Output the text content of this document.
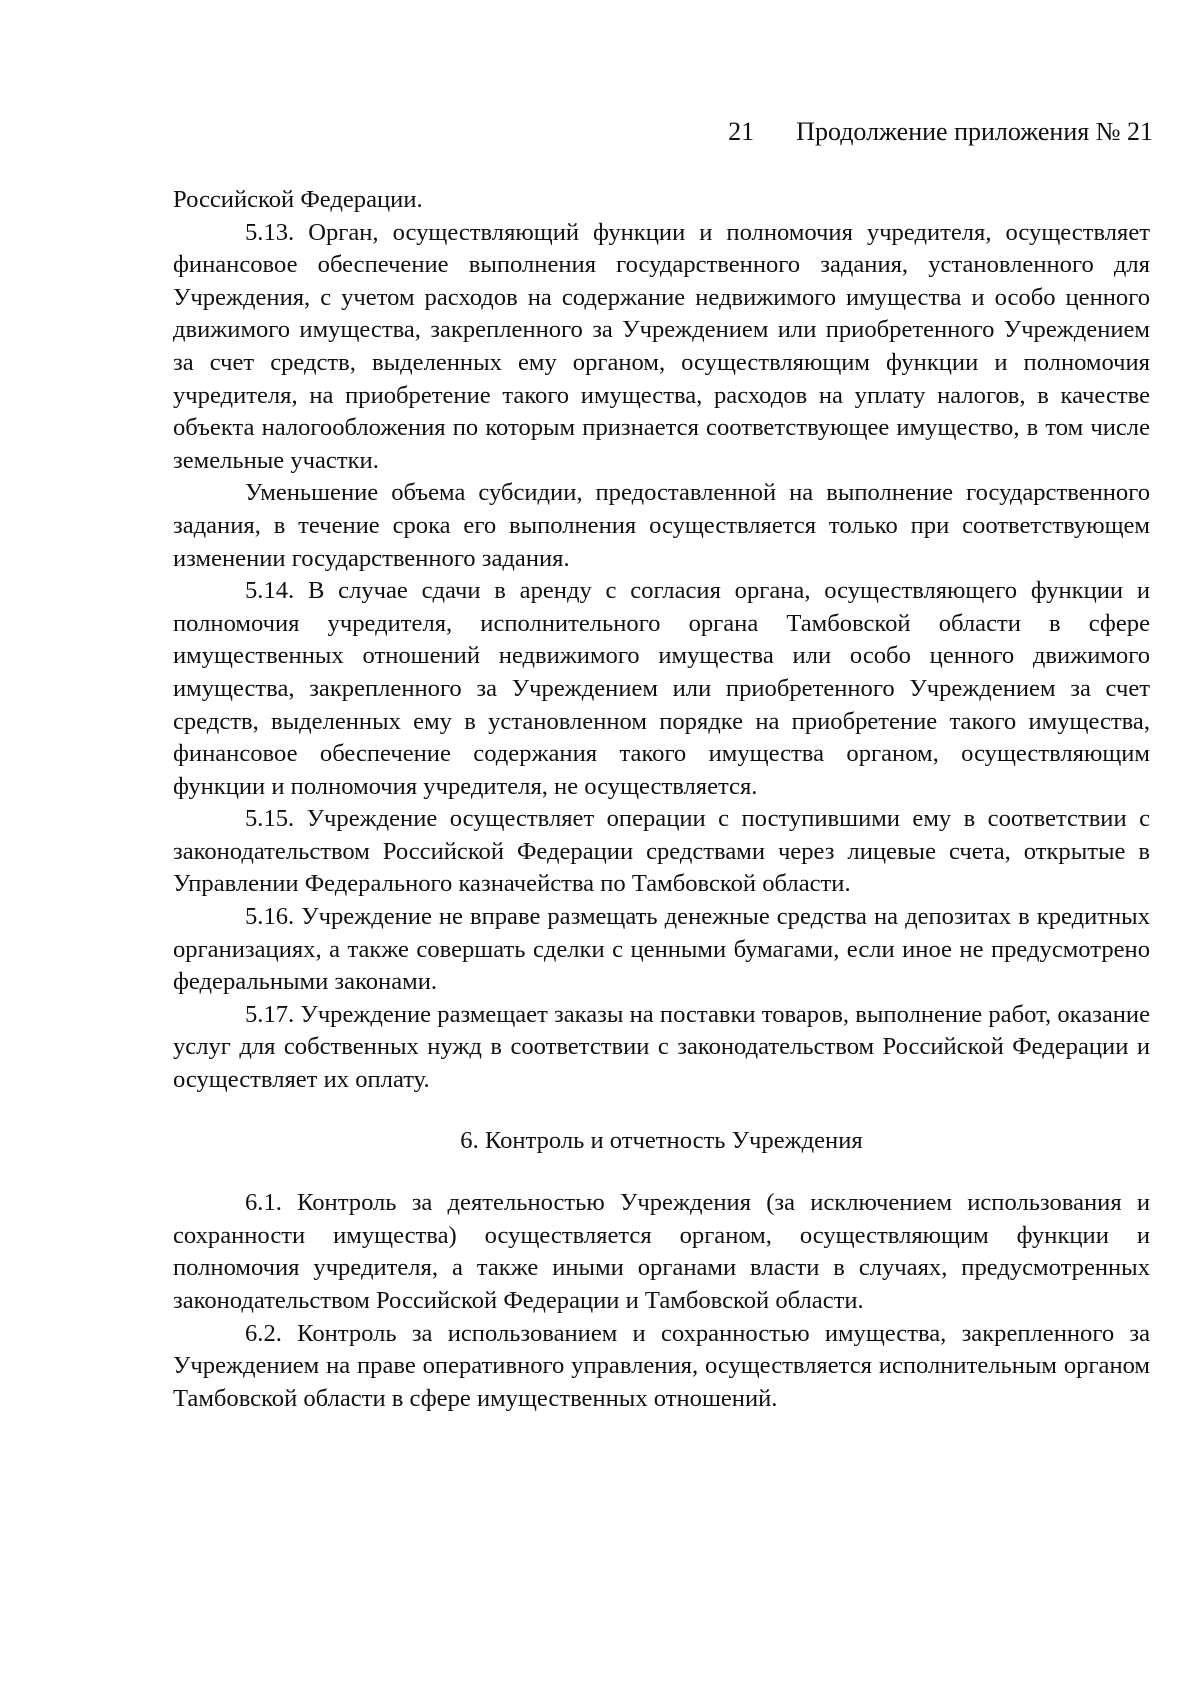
21 Продолжение приложения № 21

Российской Федерации.

5.13. Орган, осуществляющий функции и полномочия учредителя, осуществляет финансовое обеспечение выполнения государственного задания, установленного для Учреждения, с учетом расходов на содержание недвижимого имущества и особо ценного движимого имущества, закрепленного за Учреждением или приобретенного Учреждением за счет средств, выделенных ему органом, осуществляющим функции и полномочия учредителя, на приобретение такого имущества, расходов на уплату налогов, в качестве объекта налогообложения по которым признается соответствующее имущество, в том числе земельные участки.

Уменьшение объема субсидии, предоставленной на выполнение государственного задания, в течение срока его выполнения осуществляется только при соответствующем изменении государственного задания.

5.14. В случае сдачи в аренду с согласия органа, осуществляющего функции и полномочия учредителя, исполнительного органа Тамбовской области в сфере имущественных отношений недвижимого имущества или особо ценного движимого имущества, закрепленного за Учреждением или приобретенного Учреждением за счет средств, выделенных ему в установленном порядке на приобретение такого имущества, финансовое обеспечение содержания такого имущества органом, осуществляющим функции и полномочия учредителя, не осуществляется.

5.15. Учреждение осуществляет операции с поступившими ему в соответствии с законодательством Российской Федерации средствами через лицевые счета, открытые в Управлении Федерального казначейства по Тамбовской области.

5.16. Учреждение не вправе размещать денежные средства на депозитах в кредитных организациях, а также совершать сделки с ценными бумагами, если иное не предусмотрено федеральными законами.

5.17. Учреждение размещает заказы на поставки товаров, выполнение работ, оказание услуг для собственных нужд в соответствии с законодательством Российской Федерации и осуществляет их оплату.

6. Контроль и отчетность Учреждения

6.1. Контроль за деятельностью Учреждения (за исключением использования и сохранности имущества) осуществляется органом, осуществляющим функции и полномочия учредителя, а также иными органами власти в случаях, предусмотренных законодательством Российской Федерации и Тамбовской области.

6.2. Контроль за использованием и сохранностью имущества, закрепленного за Учреждением на праве оперативного управления, осуществляется исполнительным органом Тамбовской области в сфере имущественных отношений.
